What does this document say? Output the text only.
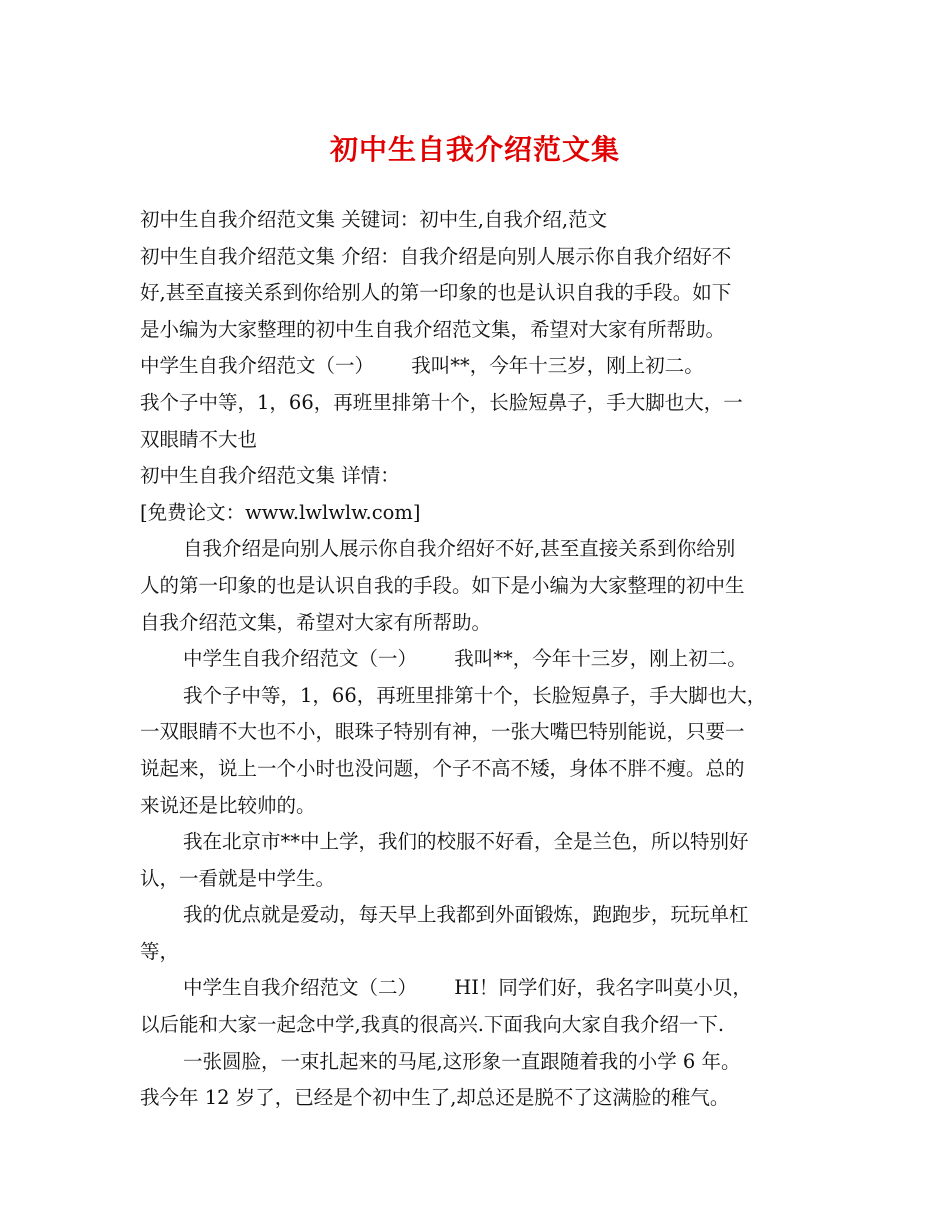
初中生自我介绍范文集
初中生自我介绍范文集 关键词：初中生,自我介绍,范文
初中生自我介绍范文集 介绍：自我介绍是向别人展示你自我介绍好不
好,甚至直接关系到你给别人的第一印象的也是认识自我的手段。如下
是小编为大家整理的初中生自我介绍范文集，希望对大家有所帮助。
中学生自我介绍范文（一）      我叫**，今年十三岁，刚上初二。
我个子中等，1，66，再班里排第十个，长脸短鼻子，手大脚也大，一
双眼睛不大也
初中生自我介绍范文集 详情：
[免费论文：www.lwlwlw.com]
自我介绍是向别人展示你自我介绍好不好,甚至直接关系到你给别
人的第一印象的也是认识自我的手段。如下是小编为大家整理的初中生
自我介绍范文集，希望对大家有所帮助。
中学生自我介绍范文（一）      我叫**，今年十三岁，刚上初二。
我个子中等，1，66，再班里排第十个，长脸短鼻子，手大脚也大，
一双眼睛不大也不小，眼珠子特别有神，一张大嘴巴特别能说，只要一
说起来，说上一个小时也没问题，个子不高不矮，身体不胖不瘦。总的
来说还是比较帅的。
我在北京市**中上学，我们的校服不好看，全是兰色，所以特别好
认，一看就是中学生。
我的优点就是爱动，每天早上我都到外面锻炼，跑跑步，玩玩单杠
等，
中学生自我介绍范文（二）      HI！同学们好，我名字叫莫小贝，
以后能和大家一起念中学,我真的很高兴.下面我向大家自我介绍一下.
一张圆脸，一束扎起来的马尾,这形象一直跟随着我的小学 6 年。
我今年 12 岁了，已经是个初中生了,却总还是脱不了这满脸的稚气。
